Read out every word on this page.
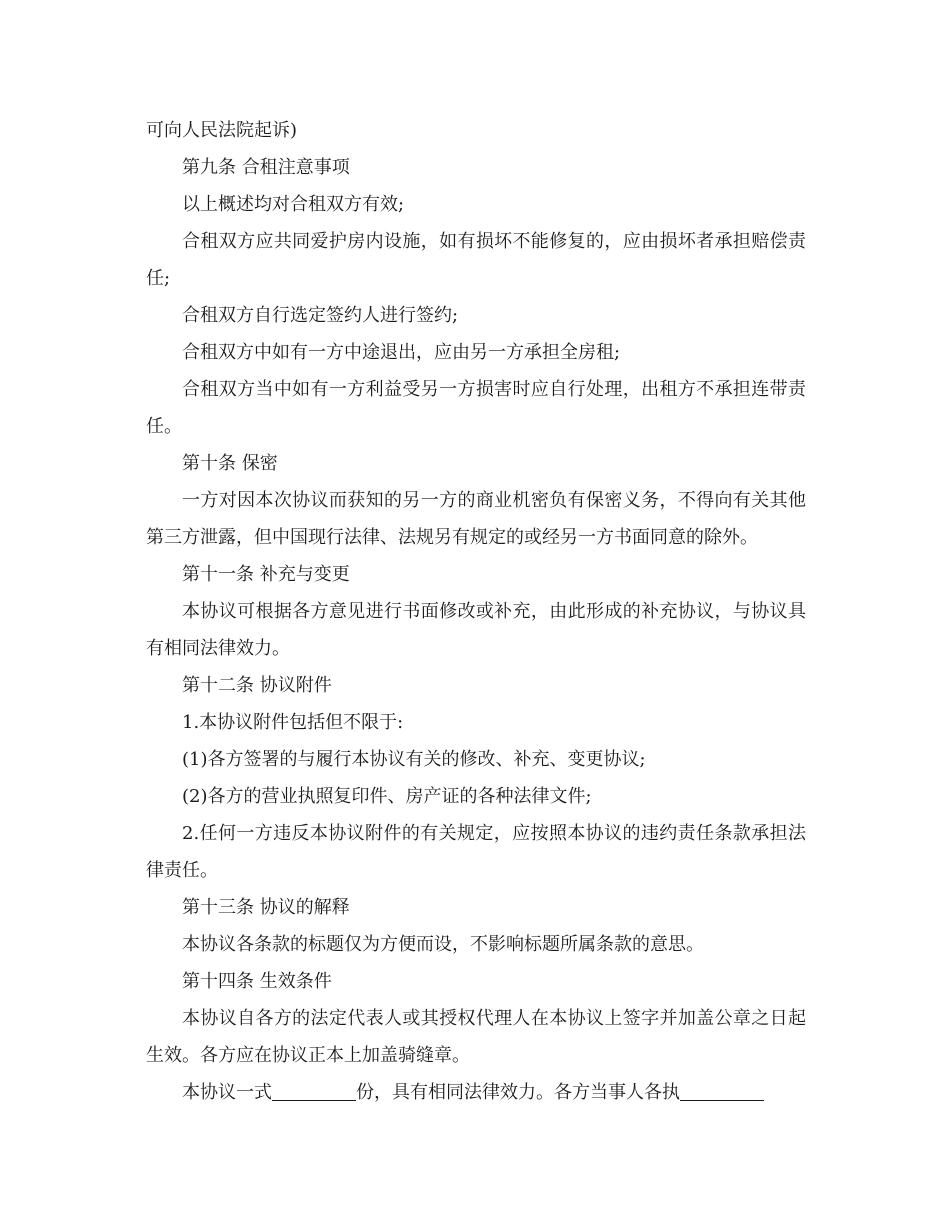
可向人民法院起诉)

第九条 合租注意事项

以上概述均对合租双方有效;

合租双方应共同爱护房内设施，如有损坏不能修复的，应由损坏者承担赔偿责任;

合租双方自行选定签约人进行签约;

合租双方中如有一方中途退出，应由另一方承担全房租;

合租双方当中如有一方利益受另一方损害时应自行处理，出租方不承担连带责任。

第十条 保密

一方对因本次协议而获知的另一方的商业机密负有保密义务，不得向有关其他第三方泄露，但中国现行法律、法规另有规定的或经另一方书面同意的除外。

第十一条 补充与变更

本协议可根据各方意见进行书面修改或补充，由此形成的补充协议，与协议具有相同法律效力。

第十二条 协议附件

1.本协议附件包括但不限于:

(1)各方签署的与履行本协议有关的修改、补充、变更协议;

(2)各方的营业执照复印件、房产证的各种法律文件;

2.任何一方违反本协议附件的有关规定，应按照本协议的违约责任条款承担法律责任。

第十三条 协议的解释

本协议各条款的标题仅为方便而设，不影响标题所属条款的意思。

第十四条 生效条件

本协议自各方的法定代表人或其授权代理人在本协议上签字并加盖公章之日起生效。各方应在协议正本上加盖骑缝章。

本协议一式	份，具有相同法律效力。各方当事人各执
